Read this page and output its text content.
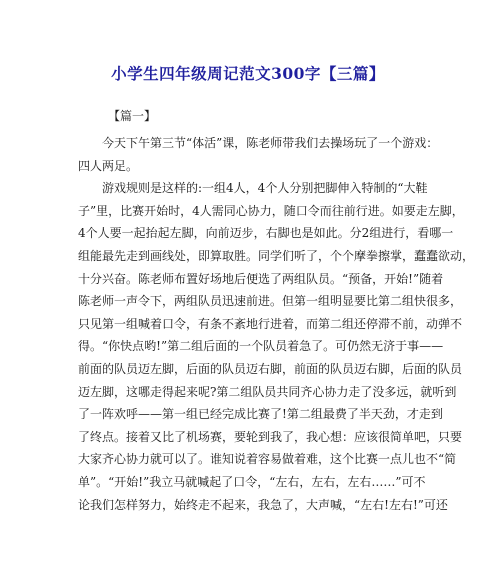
小学生四年级周记范文300字【三篇】
【篇一】
今天下午第三节“体活”课，陈老师带我们去操场玩了一个游戏：
四人两足。
游戏规则是这样的:一组4人，4个人分别把脚伸入特制的“大鞋
子”里，比赛开始时，4人需同心协力，随口令而往前行进。如要走左脚，
4个人要一起抬起左脚，向前迈步，右脚也是如此。分2组进行，看哪一
组能最先走到画线处，即算取胜。同学们听了，个个摩拳擦掌，蠢蠢欲动，
十分兴奋。陈老师布置好场地后便选了两组队员。“预备，开始!”随着
陈老师一声令下，两组队员迅速前进。但第一组明显要比第二组快很多，
只见第一组喊着口令，有条不紊地行进着，而第二组还停滞不前，动弹不
得。“你快点哟!”第二组后面的一个队员着急了。可仍然无济于事——
前面的队员迈左脚，后面的队员迈右脚，前面的队员迈右脚，后面的队员
迈左脚，这哪走得起来呢?第二组队员共同齐心协力走了没多远，就听到
了一阵欢呼——第一组已经完成比赛了!第二组最费了半天劲，才走到
了终点。接着又比了机场赛，要轮到我了，我心想：应该很简单吧，只要
大家齐心协力就可以了。谁知说着容易做着难，这个比赛一点儿也不“简
单”。“开始!”我立马就喊起了口令，“左右，左右，左右……”可不
论我们怎样努力，始终走不起来，我急了，大声喊，“左右!左右!”可还
